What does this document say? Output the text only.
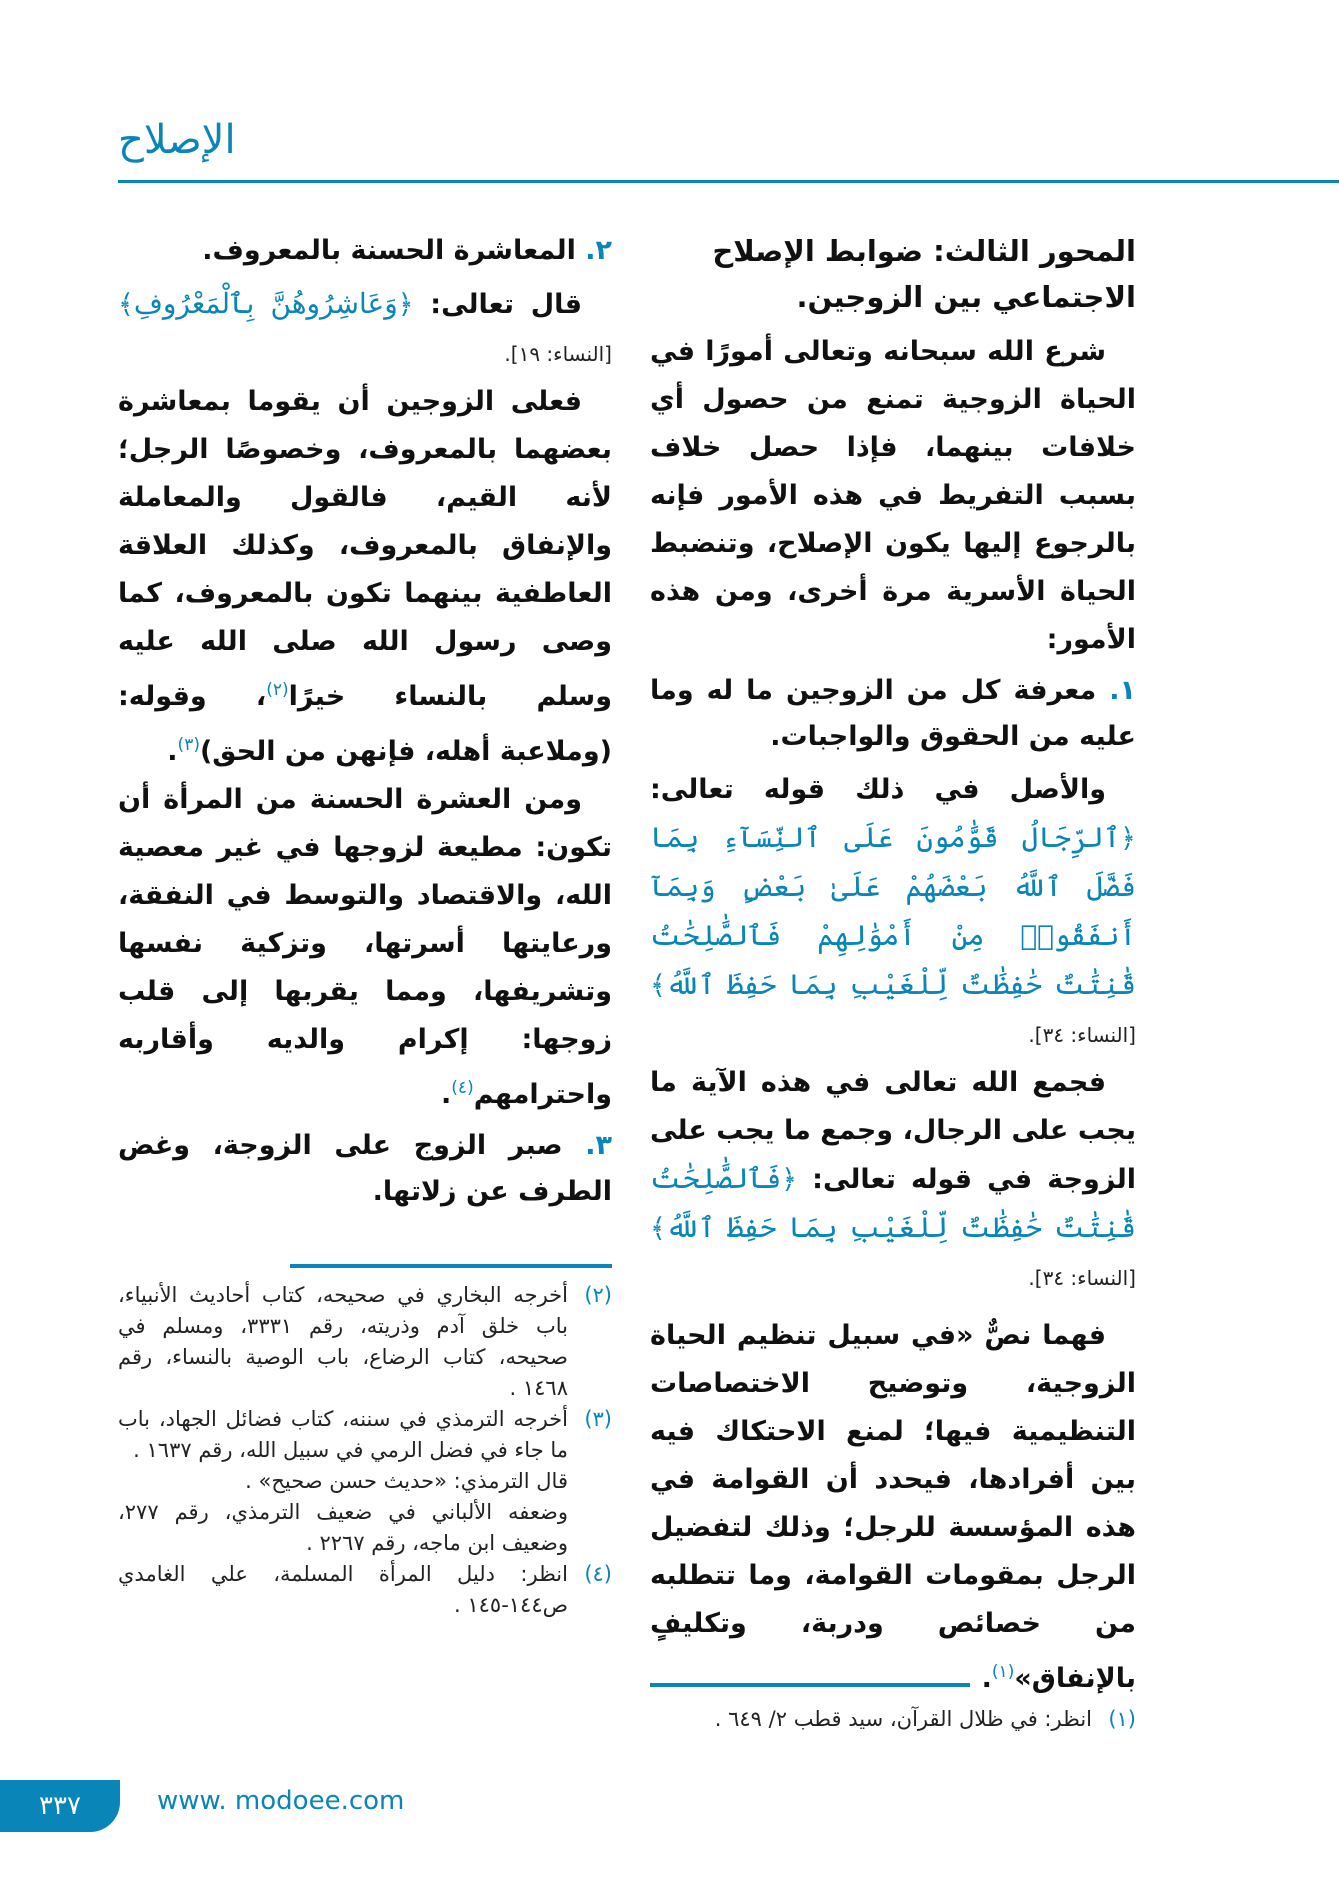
الإصلاح

المحور الثالث: ضوابط الإصلاح الاجتماعي بين الزوجين.

شرع الله سبحانه وتعالى أمورًا في الحياة الزوجية تمنع من حصول أي خلافات بينهما، فإذا حصل خلاف بسبب التفريط في هذه الأمور فإنه بالرجوع إليها يكون الإصلاح، وتنضبط الحياة الأسرية مرة أخرى، ومن هذه الأمور:

١. معرفة كل من الزوجين ما له وما عليه من الحقوق والواجبات.

والأصل في ذلك قوله تعالى: ﴿ٱلرِّجَالُ قَوَّٰمُونَ عَلَى ٱلنِّسَآءِ بِمَا فَضَّلَ ٱللَّهُ بَعْضَهُمْ عَلَىٰ بَعْضٍ وَبِمَآ أَنفَقُوا۟ مِنْ أَمْوَٰلِهِمْ فَٱلصَّٰلِحَٰتُ قَٰنِتَٰتٌ حَٰفِظَٰتٌ لِّلْغَيْبِ بِمَا حَفِظَ ٱللَّهُ﴾ [النساء: ٣٤].

فجمع الله تعالى في هذه الآية ما يجب على الرجال، وجمع ما يجب على الزوجة في قوله تعالى: ﴿فَٱلصَّٰلِحَٰتُ قَٰنِتَٰتٌ حَٰفِظَٰتٌ لِّلْغَيْبِ بِمَا حَفِظَ ٱللَّهُ﴾ [النساء: ٣٤].

فهما نصٌّ «في سبيل تنظيم الحياة الزوجية، وتوضيح الاختصاصات التنظيمية فيها؛ لمنع الاحتكاك فيه بين أفرادها، فيحدد أن القوامة في هذه المؤسسة للرجل؛ وذلك لتفضيل الرجل بمقومات القوامة، وما تتطلبه من خصائص ودربة، وتكليفٍ بالإنفاق»$^{(١)}$.

(١)
انظر: في ظلال القرآن، سيد قطب ٢/ ٦٤٩ .

٢. المعاشرة الحسنة بالمعروف.

قال تعالى: ﴿وَعَاشِرُوهُنَّ بِٱلْمَعْرُوفِ﴾ [النساء: ١٩].

فعلى الزوجين أن يقوما بمعاشرة بعضهما بالمعروف، وخصوصًا الرجل؛ لأنه القيم، فالقول والمعاملة والإنفاق بالمعروف، وكذلك العلاقة العاطفية بينهما تكون بالمعروف، كما وصى رسول الله صلى الله عليه وسلم بالنساء خيرًا$^{(٢)}$، وقوله: (وملاعبة أهله، فإنهن من الحق)$^{(٣)}$.

ومن العشرة الحسنة من المرأة أن تكون: مطيعة لزوجها في غير معصية الله، والاقتصاد والتوسط في النفقة، ورعايتها أسرتها، وتزكية نفسها وتشريفها، ومما يقربها إلى قلب زوجها: إكرام والديه وأقاربه واحترامهم$^{(٤)}$.

٣. صبر الزوج على الزوجة، وغض الطرف عن زلاتها.

(٢)
أخرجه البخاري في صحيحه، كتاب أحاديث الأنبياء، باب خلق آدم وذريته، رقم ٣٣٣١، ومسلم في صحيحه، كتاب الرضاع، باب الوصية بالنساء، رقم ١٤٦٨ .
(٣)
أخرجه الترمذي في سننه، كتاب فضائل الجهاد، باب ما جاء في فضل الرمي في سبيل الله، رقم ١٦٣٧ .
قال الترمذي: «حديث حسن صحيح» .
وضعفه الألباني في ضعيف الترمذي، رقم ٢٧٧، وضعيف ابن ماجه، رقم ٢٢٦٧ .
(٤)
انظر: دليل المرأة المسلمة، علي الغامدي ص١٤٤-١٤٥ .
٣٣٧	www. modoee.com
